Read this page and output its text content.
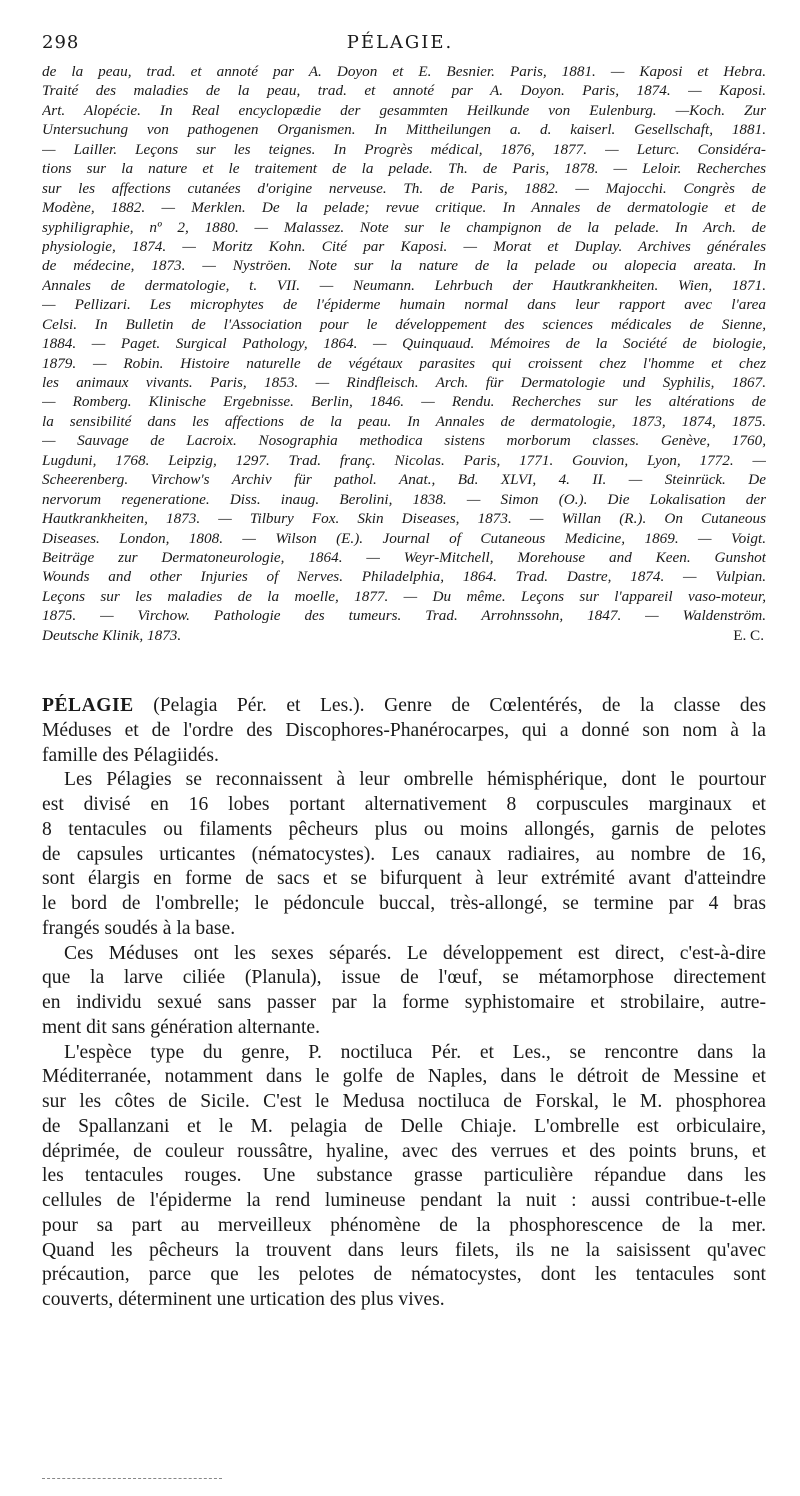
298	PÉLAGIE.
de la peau, trad. et annoté par A. Doyon et E. Besnier. Paris, 1881. — Kaposi et Hebra.
Traité des maladies de la peau, trad. et annoté par A. Doyon. Paris, 1874. — Kaposi.
Art. Alopécie. In Real encyclopædie der gesammten Heilkunde von Eulenburg. —Koch. Zur
Untersuchung von pathogenen Organismen. In Mittheilungen a. d. kaiserl. Gesellschaft, 1881.
— Lailler. Leçons sur les teignes. In Progrès médical, 1876, 1877. — Leturc. Considéra-
tions sur la nature et le traitement de la pelade. Th. de Paris, 1878. — Leloir. Recherches
sur les affections cutanées d'origine nerveuse. Th. de Paris, 1882. — Majocchi. Congrès de
Modène, 1882. — Merklen. De la pelade; revue critique. In Annales de dermatologie et de
syphiligraphie, nº 2, 1880. — Malassez. Note sur le champignon de la pelade. In Arch. de
physiologie, 1874. — Moritz Kohn. Cité par Kaposi. — Morat et Duplay. Archives générales
de médecine, 1873. — Nyströen. Note sur la nature de la pelade ou alopecia areata. In
Annales de dermatologie, t. VII. — Neumann. Lehrbuch der Hautkrankheiten. Wien, 1871.
— Pellizari. Les microphytes de l'épiderme humain normal dans leur rapport avec l'area
Celsi. In Bulletin de l'Association pour le développement des sciences médicales de Sienne,
1884. — Paget. Surgical Pathology, 1864. — Quinquaud. Mémoires de la Société de biologie,
1879. — Robin. Histoire naturelle de végétaux parasites qui croissent chez l'homme et chez
les animaux vivants. Paris, 1853. — Rindfleisch. Arch. für Dermatologie und Syphilis, 1867.
— Romberg. Klinische Ergebnisse. Berlin, 1846. — Rendu. Recherches sur les altérations de
la sensibilité dans les affections de la peau. In Annales de dermatologie, 1873, 1874, 1875.
— Sauvage de Lacroix. Nosographia methodica sistens morborum classes. Genève, 1760,
Lugduni, 1768. Leipzig, 1297. Trad. franç. Nicolas. Paris, 1771. Gouvion, Lyon, 1772. —
Scheerenberg. Virchow's Archiv für pathol. Anat., Bd. XLVI, 4. II. — Steinrück. De
nervorum regeneratione. Diss. inaug. Berolini, 1838. — Simon (O.). Die Lokalisation der
Hautkrankheiten, 1873. — Tilbury Fox. Skin Diseases, 1873. — Willan (R.). On Cutaneous
Diseases. London, 1808. — Wilson (E.). Journal of Cutaneous Medicine, 1869. — Voigt.
Beiträge zur Dermatoneurologie, 1864. — Weyr-Mitchell, Morehouse and Keen. Gunshot
Wounds and other Injuries of Nerves. Philadelphia, 1864. Trad. Dastre, 1874. — Vulpian.
Leçons sur les maladies de la moelle, 1877. — Du même. Leçons sur l'appareil vaso-moteur,
1875. — Virchow. Pathologie des tumeurs. Trad. Arrohnssohn, 1847. — Waldenström.
Deutsche Klinik, 1873.	E. C.
PÉLAGIE (Pelagia Pér. et Les.). Genre de Cœlentérés, de la classe des
Méduses et de l'ordre des Discophores-Phanérocarpes, qui a donné son nom à la
famille des Pélagiidés.
Les Pélagies se reconnaissent à leur ombrelle hémisphérique, dont le pourtour
est divisé en 16 lobes portant alternativement 8 corpuscules marginaux et
8 tentacules ou filaments pêcheurs plus ou moins allongés, garnis de pelotes
de capsules urticantes (nématocystes). Les canaux radiaires, au nombre de 16,
sont élargis en forme de sacs et se bifurquent à leur extrémité avant d'atteindre
le bord de l'ombrelle; le pédoncule buccal, très-allongé, se termine par 4 bras
frangés soudés à la base.
Ces Méduses ont les sexes séparés. Le développement est direct, c'est-à-dire
que la larve ciliée (Planula), issue de l'œuf, se métamorphose directement
en individu sexué sans passer par la forme syphistomaire et strobilaire, autre-
ment dit sans génération alternante.
L'espèce type du genre, P. noctiluca Pér. et Les., se rencontre dans la
Méditerranée, notamment dans le golfe de Naples, dans le détroit de Messine et
sur les côtes de Sicile. C'est le Medusa noctiluca de Forskal, le M. phosphorea
de Spallanzani et le M. pelagia de Delle Chiaje. L'ombrelle est orbiculaire,
déprimée, de couleur roussâtre, hyaline, avec des verrues et des points bruns, et
les tentacules rouges. Une substance grasse particulière répandue dans les
cellules de l'épiderme la rend lumineuse pendant la nuit : aussi contribue-t-elle
pour sa part au merveilleux phénomène de la phosphorescence de la mer.
Quand les pêcheurs la trouvent dans leurs filets, ils ne la saisissent qu'avec
précaution, parce que les pelotes de nématocystes, dont les tentacules sont
couverts, déterminent une urtication des plus vives.
